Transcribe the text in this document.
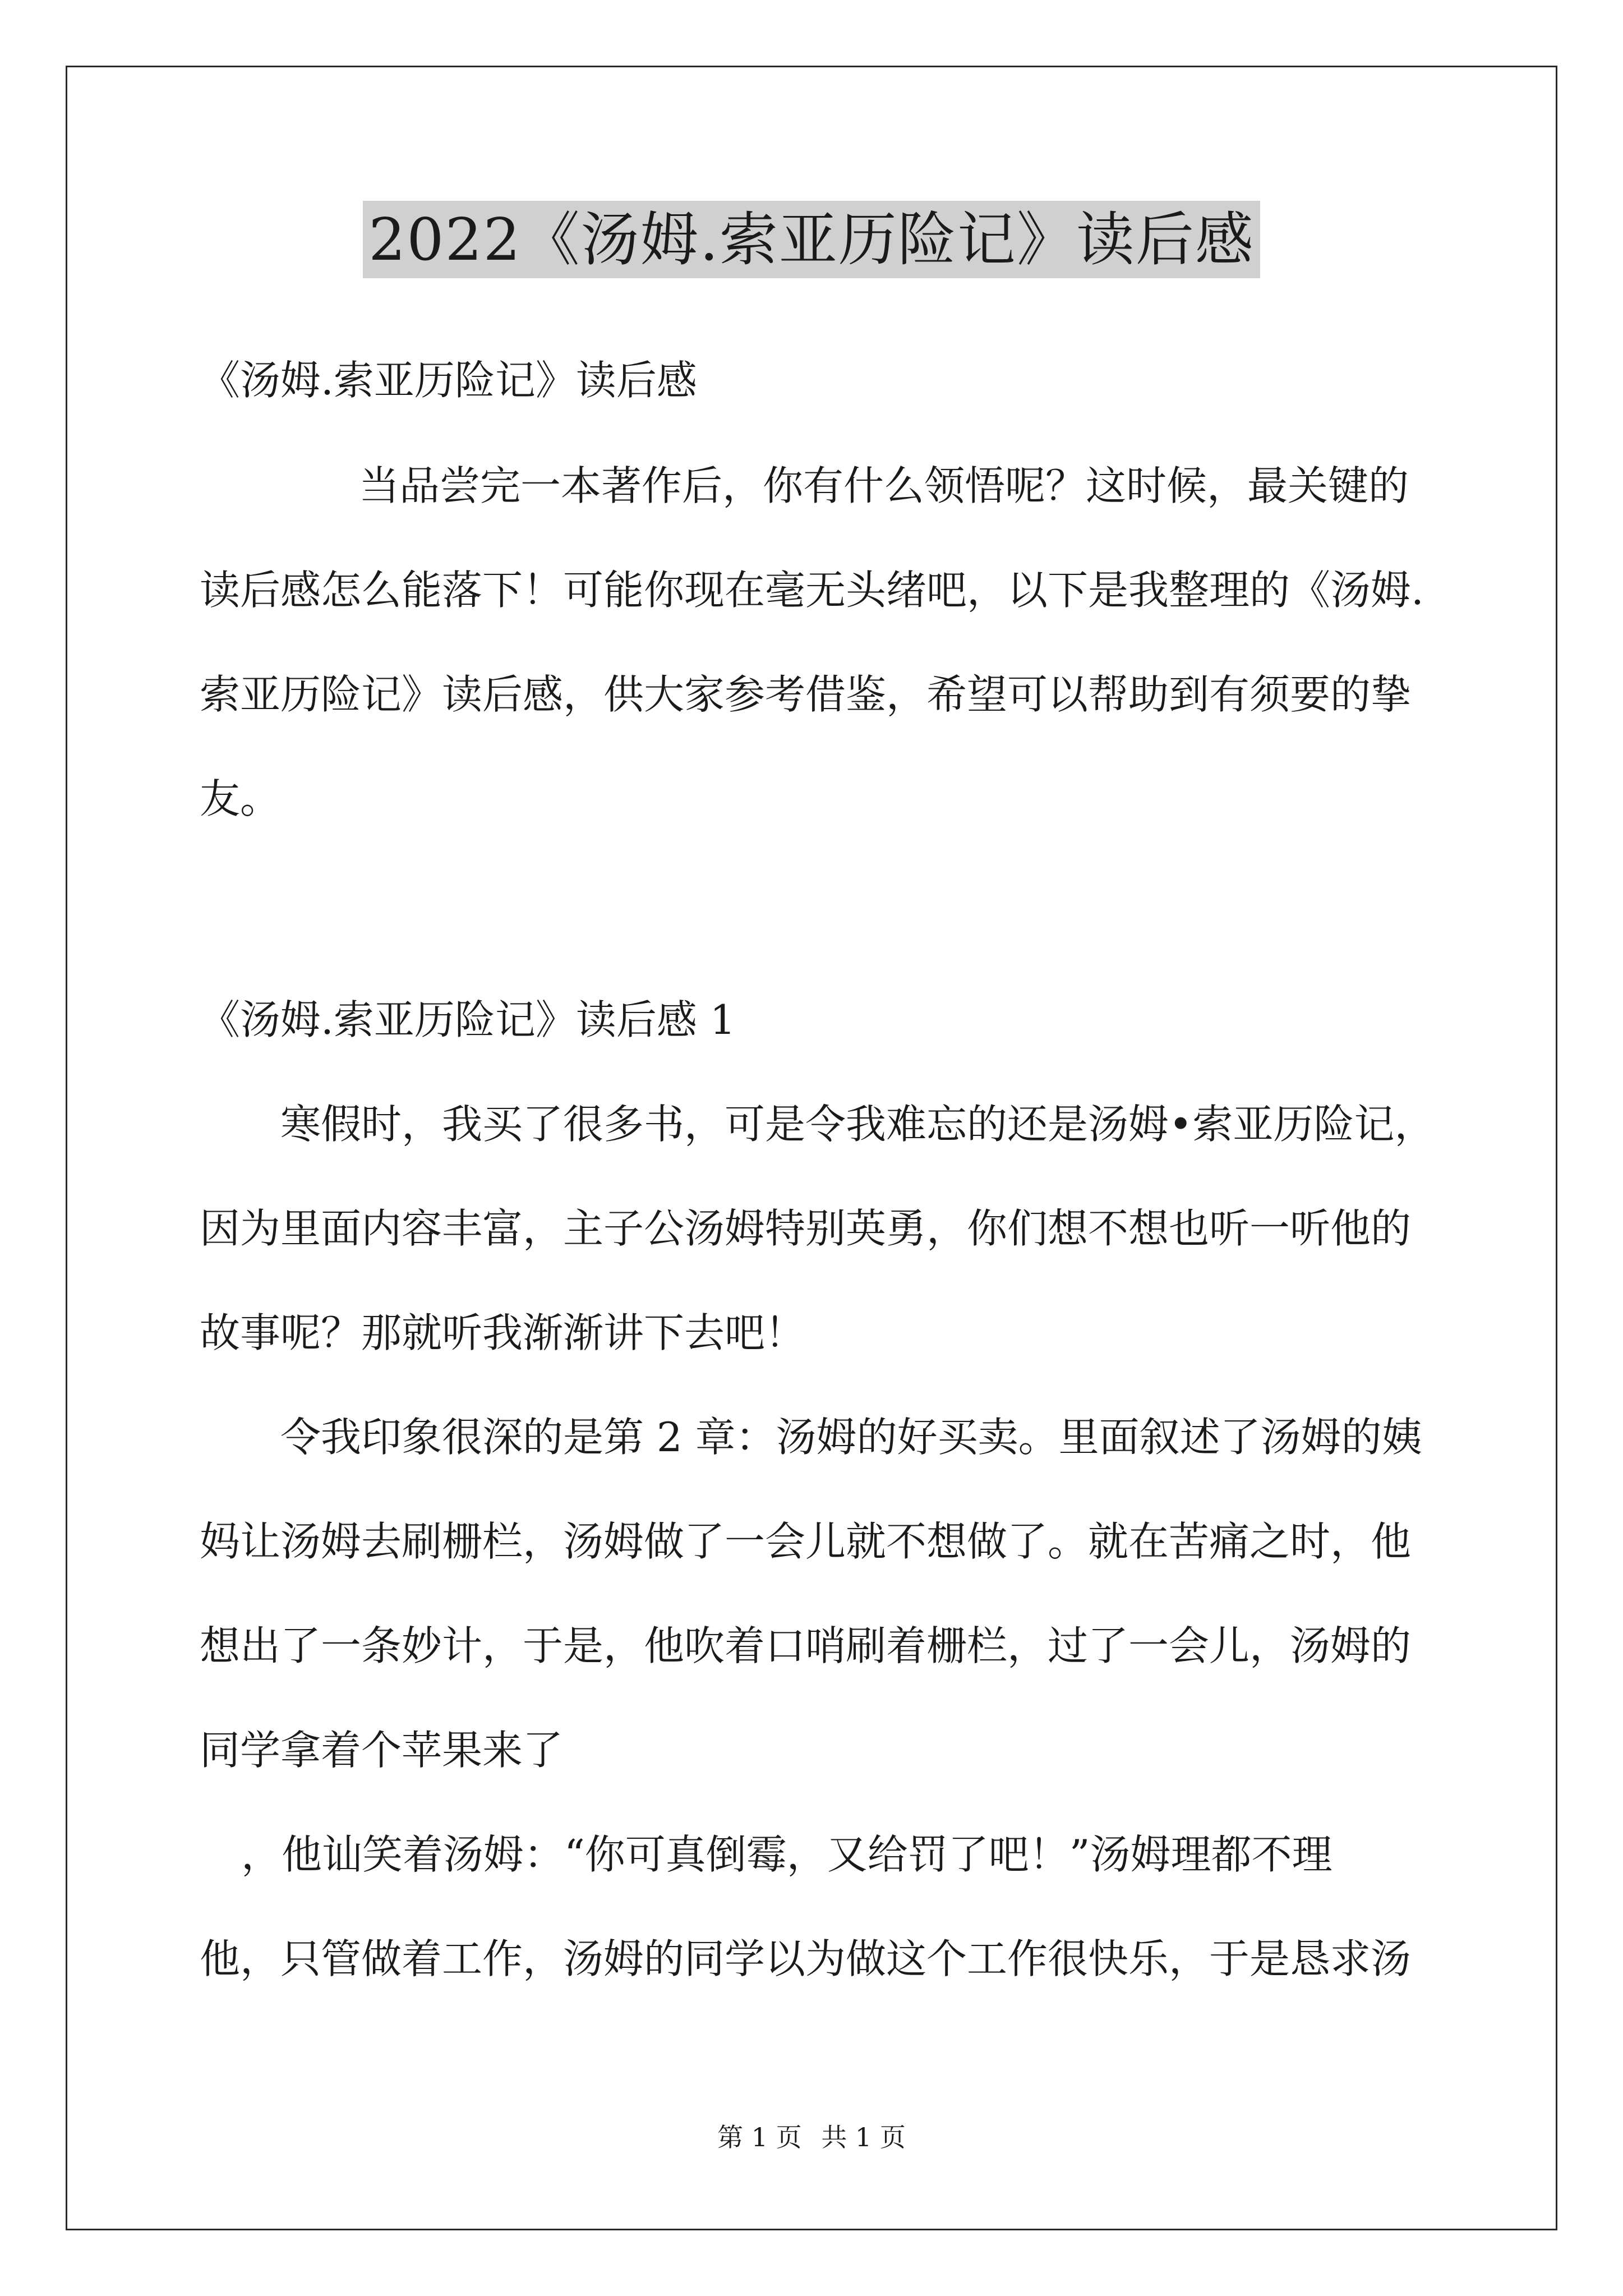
2022《汤姆.索亚历险记》读后感
《汤姆.索亚历险记》读后感
当品尝完一本著作后，你有什么领悟呢？这时候，最关键的
读后感怎么能落下！可能你现在毫无头绪吧，以下是我整理的《汤姆.
索亚历险记》读后感，供大家参考借鉴，希望可以帮助到有须要的挚
友。
《汤姆.索亚历险记》读后感 1
寒假时，我买了很多书，可是令我难忘的还是汤姆•索亚历险记，
因为里面内容丰富，主子公汤姆特别英勇，你们想不想也听一听他的
故事呢？那就听我渐渐讲下去吧！
令我印象很深的是第 2 章：汤姆的好买卖。里面叙述了汤姆的姨
妈让汤姆去刷栅栏，汤姆做了一会儿就不想做了。就在苦痛之时，他
想出了一条妙计，于是，他吹着口哨刷着栅栏，过了一会儿，汤姆的
同学拿着个苹果来了
，他讪笑着汤姆：“你可真倒霉，又给罚了吧！”汤姆理都不理
他，只管做着工作，汤姆的同学以为做这个工作很快乐，于是恳求汤
第 1 页 共 1 页
